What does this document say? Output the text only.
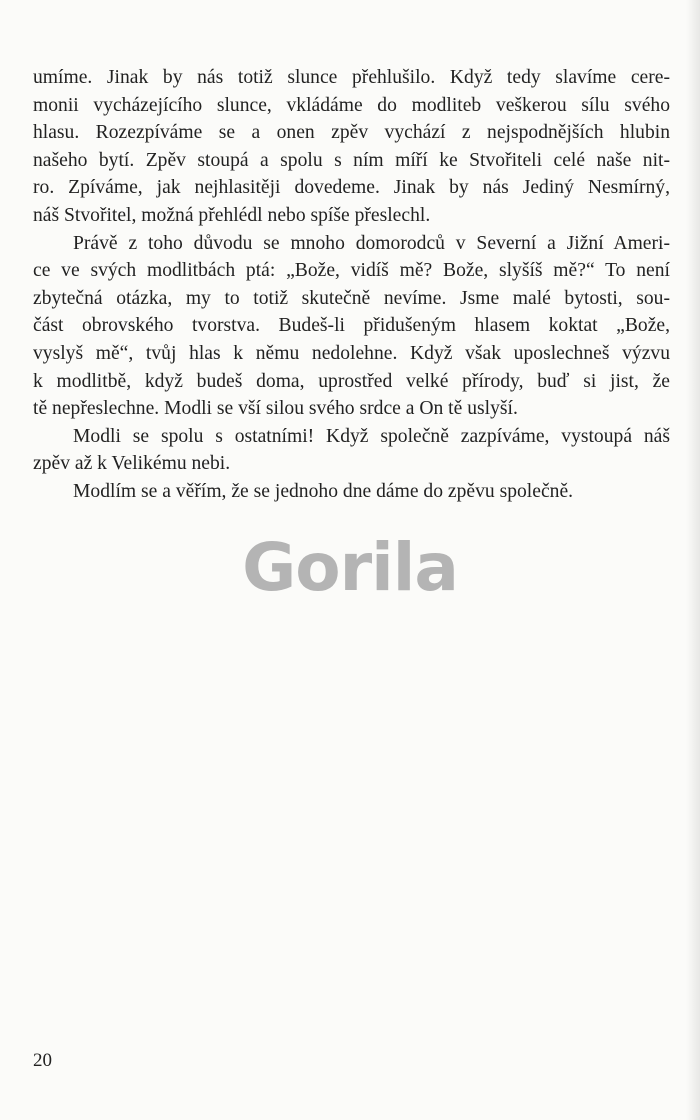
umíme. Jinak by nás totiž slunce přehlušilo. Když tedy slavíme cere-
monii vycházejícího slunce, vkládáme do modliteb veškerou sílu svého
hlasu. Rozezpíváme se a onen zpěv vychází z nejspodnějších hlubin
našeho bytí. Zpěv stoupá a spolu s ním míří ke Stvořiteli celé naše nit-
ro. Zpíváme, jak nejhlasitěji dovedeme. Jinak by nás Jediný Nesmírný,
náš Stvořitel, možná přehlédl nebo spíše přeslechl.
Právě z toho důvodu se mnoho domorodců v Severní a Jižní Ameri-
ce ve svých modlitbách ptá: „Bože, vidíš mě? Bože, slyšíš mě?“ To není
zbytečná otázka, my to totiž skutečně nevíme. Jsme malé bytosti, sou-
část obrovského tvorstva. Budeš-li přidušeným hlasem koktat „Bože,
vyslyš mě“, tvůj hlas k němu nedolehne. Když však uposlechneš výzvu
k modlitbě, když budeš doma, uprostřed velké přírody, buď si jist, že
tě nepřeslechne. Modli se vší silou svého srdce a On tě uslyší.
Modli se spolu s ostatními! Když společně zazpíváme, vystoupá náš
zpěv až k Velikému nebi.
Modlím se a věřím, že se jednoho dne dáme do zpěvu společně.
Gorila
20
